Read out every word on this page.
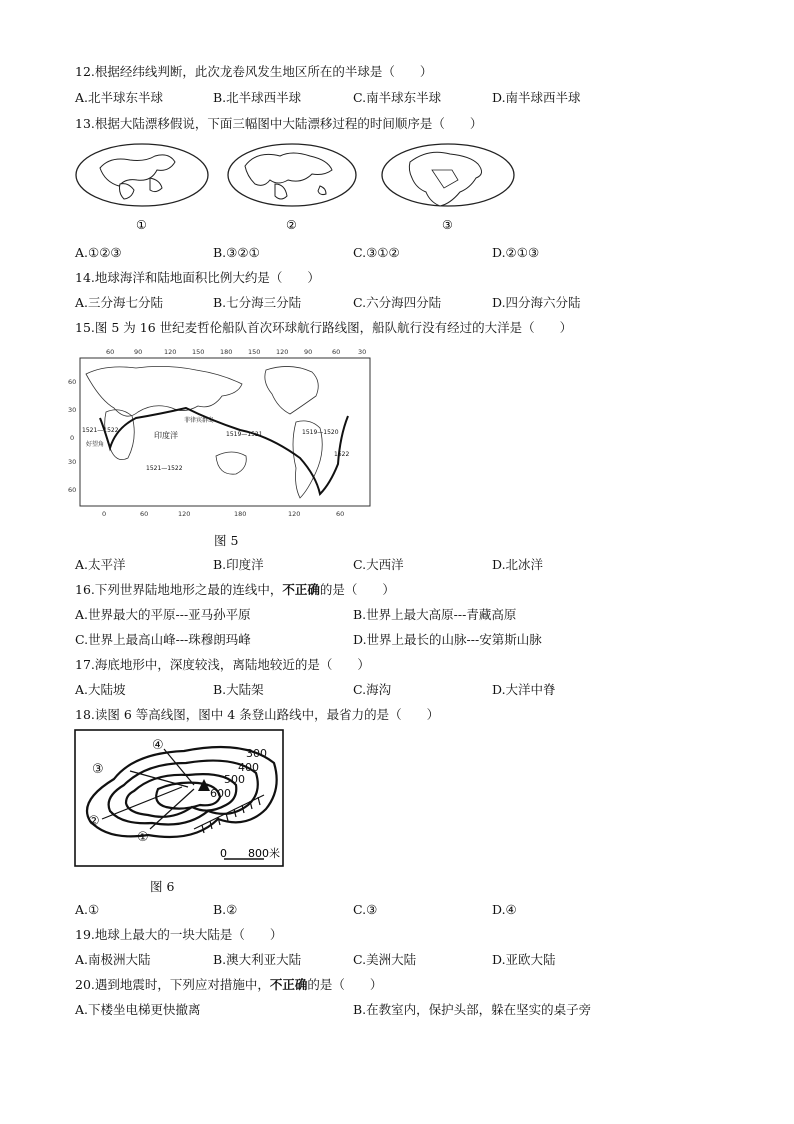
12.根据经纬线判断，此次龙卷风发生地区所在的半球是（　　）
A.北半球东半球	B.北半球西半球	C.南半球东半球	D.南半球西半球
13.根据大陆漂移假说，下面三幅图中大陆漂移过程的时间顺序是（　　）
①	②	③
A.①②③	B.③②①	C.③①②	D.②①③
14.地球海洋和陆地面积比例大约是（　　）
A.三分海七分陆	B.七分海三分陆	C.六分海四分陆	D.四分海六分陆
15.图 5 为 16 世纪麦哲伦船队首次环球航行路线图，船队航行没有经过的大洋是（　　）
60	90	120 150 180 150 120 90	60	30
0	60	120	180	120	60
60
30
0
30
60
印度洋
菲律宾群岛
好望角
1521—1522
1521—1522
1519—1521	1519—1520
1522
图 5
A.太平洋	B.印度洋	C.大西洋	D.北冰洋
16.下列世界陆地地形之最的连线中，不正确的是（　　）
A.世界最大的平原---亚马孙平原	B.世界上最大高原---青藏高原
C.世界上最高山峰---珠穆朗玛峰	D.世界上最长的山脉---安第斯山脉
17.海底地形中，深度较浅，离陆地较近的是（　　）
A.大陆坡	B.大陆架	C.海沟	D.大洋中脊
18.读图 6 等高线图，图中 4 条登山路线中，最省力的是（　　）
300
400
500
600
①
②
③
④
0 800米
图 6
A.①	B.②	C.③	D.④
19.地球上最大的一块大陆是（　　）
A.南极洲大陆	B.澳大利亚大陆	C.美洲大陆	D.亚欧大陆
20.遇到地震时，下列应对措施中，不正确的是（　　）
A.下楼坐电梯更快撤离	B.在教室内，保护头部，躲在坚实的桌子旁
